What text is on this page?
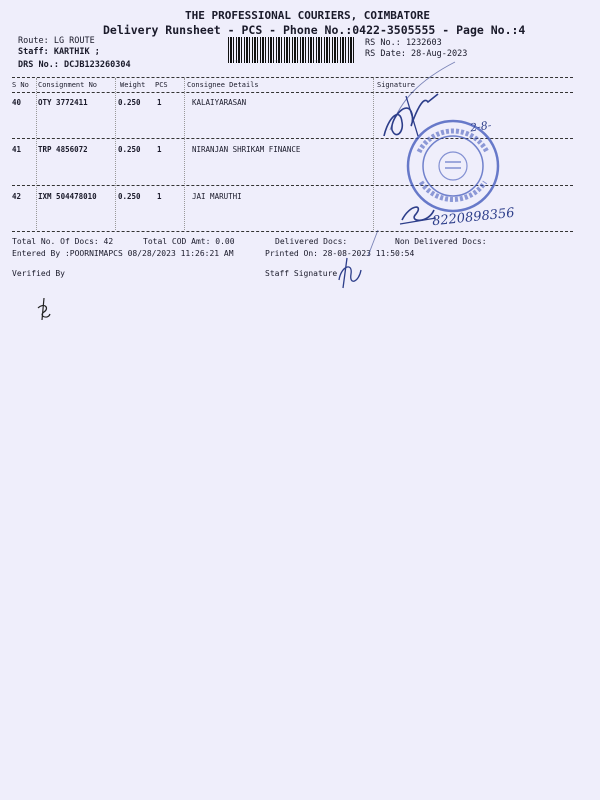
THE PROFESSIONAL COURIERS, COIMBATORE
Delivery Runsheet - PCS - Phone No.:0422-3505555 - Page No.:4
Route: LG ROUTE
Staff: KARTHIK ;
DRS No.: DCJB123260304
RS No.: 1232603
RS Date: 28-Aug-2023
S No Consignment No	Weight PCS	Consignee Details	Signature
40 OTY 3772411	0.250 1	KALAIYARASAN
41 TRP 4856072	0.250 1	NIRANJAN SHRIKAM FINANCE
42 IXM 504478010	0.250 1	JAI MARUTHI
Total No. Of Docs: 42	Total COD Amt: 0.00	Delivered Docs:	Non Delivered Docs:
Entered By :POORNIMAPCS 08/28/2023 11:26:21 AM	Printed On: 28-08-2023 11:50:54
Verified By	Staff Signature
2-8-
8220898356
